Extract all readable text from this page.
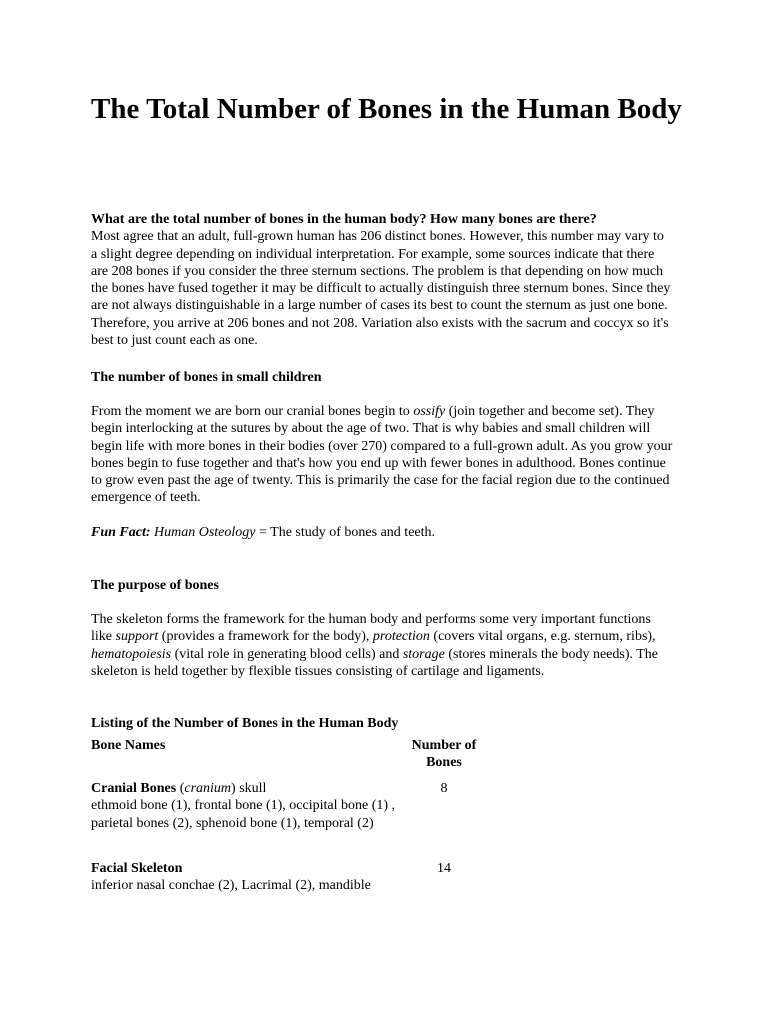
The Total Number of Bones in the Human Body
What are the total number of bones in the human body? How many bones are there?
Most agree that an adult, full-grown human has 206 distinct bones. However, this number may vary to a slight degree depending on individual interpretation. For example, some sources indicate that there are 208 bones if you consider the three sternum sections. The problem is that depending on how much the bones have fused together it may be difficult to actually distinguish three sternum bones. Since they are not always distinguishable in a large number of cases its best to count the sternum as just one bone. Therefore, you arrive at 206 bones and not 208. Variation also exists with the sacrum and coccyx so it's best to just count each as one.
The number of bones in small children
From the moment we are born our cranial bones begin to ossify (join together and become set). They begin interlocking at the sutures by about the age of two. That is why babies and small children will begin life with more bones in their bodies (over 270) compared to a full-grown adult. As you grow your bones begin to fuse together and that's how you end up with fewer bones in adulthood. Bones continue to grow even past the age of twenty. This is primarily the case for the facial region due to the continued emergence of teeth.
Fun Fact: Human Osteology = The study of bones and teeth.
The purpose of bones
The skeleton forms the framework for the human body and performs some very important functions like support (provides a framework for the body), protection (covers vital organs, e.g. sternum, ribs), hematopoiesis (vital role in generating blood cells) and storage (stores minerals the body needs). The skeleton is held together by flexible tissues consisting of cartilage and ligaments.
Listing of the Number of Bones in the Human Body
Bone Names	Number of Bones
Cranial Bones (cranium) skull
ethmoid bone (1), frontal bone (1), occipital bone (1) , parietal bones (2), sphenoid bone (1), temporal (2)
8
Facial Skeleton
inferior nasal conchae (2), Lacrimal (2), mandible
14
